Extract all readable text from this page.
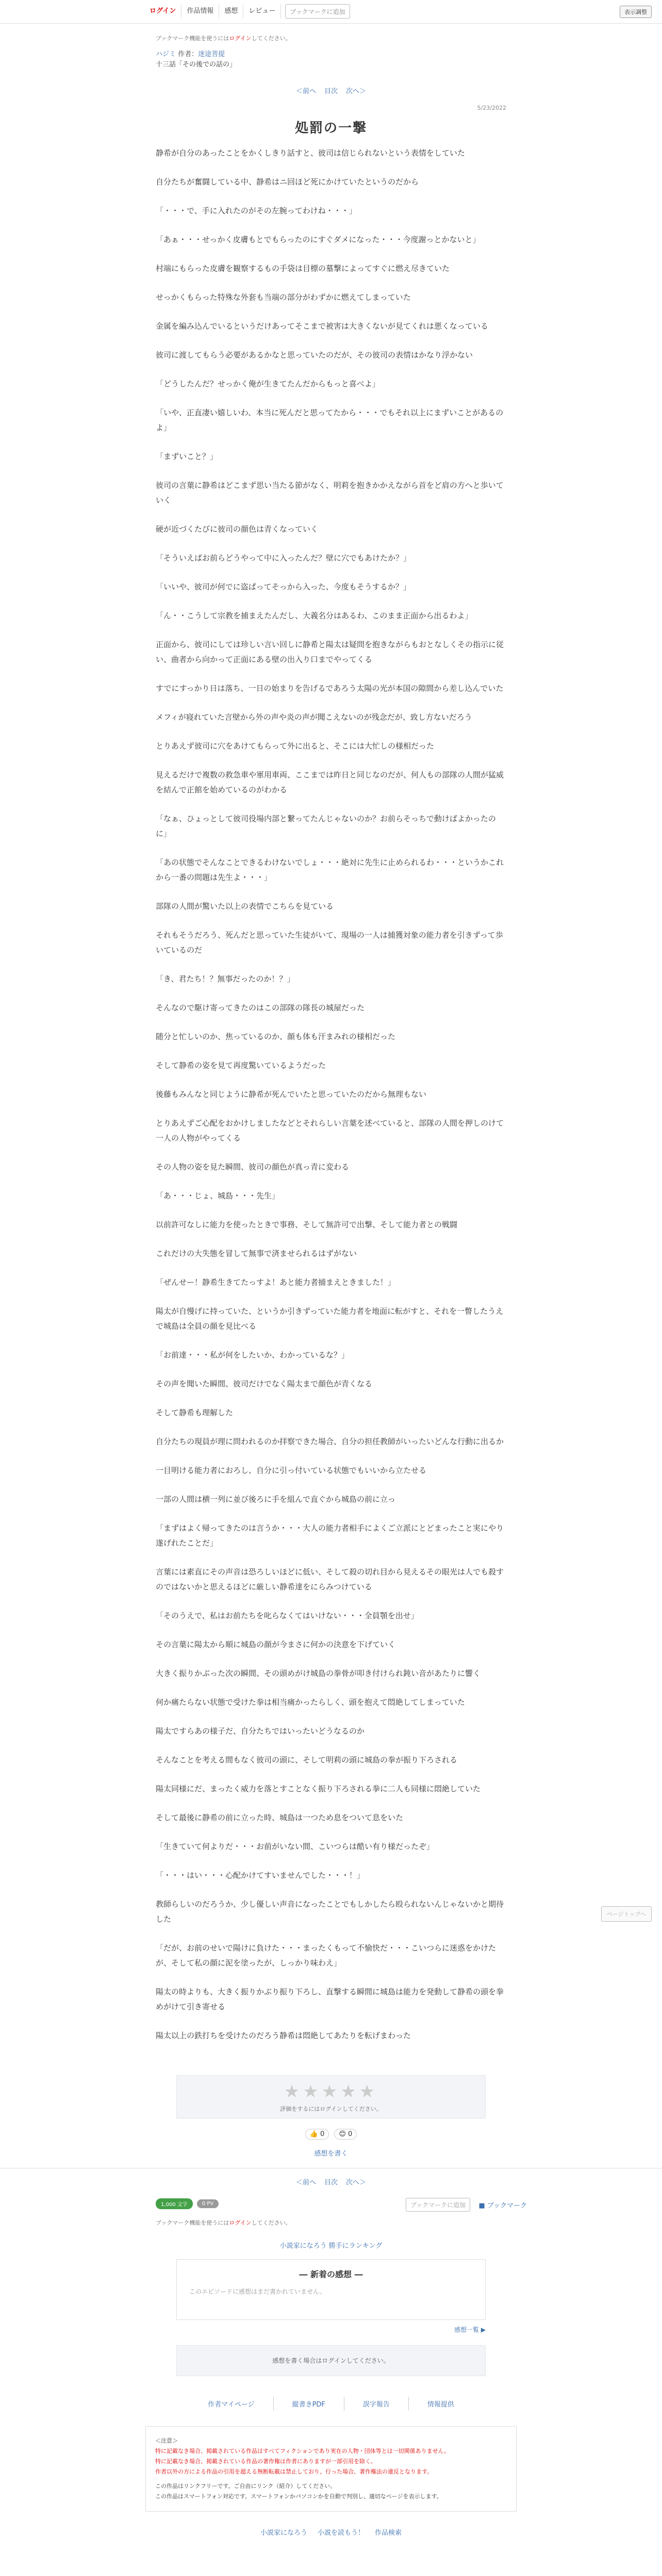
ログイン	作品情報	感想	レビュー	ブックマークに追加	表示調整
ブックマーク機能を使うにはログインしてください。
ハジミ 作者：迷途菩提
十三話「その後での話の」
＜前へ 目次 次へ＞
5/23/2022
処罰の一撃

静希が自分のあったことをかくしきり話すと、彼司は信じられないという表情をしていた

自分たちが奮闘している中、静希はニ回ほど死にかけていたというのだから

「・・・で、手に入れたのがその左腕ってわけね・・・」

「あぁ・・・せっかく皮膚もとでもらったのにすぐダメになった・・・今度謝っとかないと」

村端にもらった皮膚を観察するもの手袋は目標の墓撃によってすぐに燃え尽きていた

せっかくもらった特殊な外套も当端の部分がわずかに燃えてしまっていた

金属を編み込んでいるというだけあってそこまで被害は大きくないが見てくれは悪くなっている

彼司に渡してもらう必要があるかなと思っていたのだが、その彼司の表情はかなり浮かない

「どうしたんだ？せっかく俺が生きてたんだからもっと喜べよ」

「いや、正直凄い嬉しいわ、本当に死んだと思ってたから・・・でもそれ以上にまずいことがあるのよ」

「まずいこと？」

彼司の言葉に静希はどこまず思い当たる節がなく、明莉を抱きかかえながら首をど肩の方へと歩いていく

硬が近づくたびに彼司の顔色は青くなっていく

「そういえばお前らどうやって中に入ったんだ？壁に穴でもあけたか？」

「いいや、彼司が何でに盗ぱってそっから入った、今度もそうするか？」

「ん・・こうして宗教を捕まえたんだし、大義名分はあるわ、このまま正面から出るわよ」

正面から、彼司にしては珍しい言い回しに静希と陽太は疑問を抱きながらもおとなしくその指示に従い、曲者から向かって正面にある壁の出入り口までやってくる

すでにすっかり日は落ち、一日の始まりを告げるであろう太陽の光が本国の隙間から差し込んでいた

メフィが寝れていた言壁から外の声や炎の声が聞こえないのが残念だが、致し方ないだろう

とりあえず彼司に穴をあけてもらって外に出ると、そこには大忙しの様相だった

見えるだけで複数の救急車や軍用車両、ここまでは昨日と同じなのだが、何人もの部隊の人間が猛威を結んで正館を始めているのがわかる

「なぁ、ひょっとして彼司役場内部と繋ってたんじゃないのか？お前らそっちで動けばよかったのに」

「あの状態でそんなことできるわけないでしょ・・・絶対に先生に止められるわ・・・というかこれから一番の問題は先生よ・・・」

部隊の人間が驚いた以上の表情でこちらを見ている

それもそうだろう、死んだと思っていた生徒がいて、現場の一人は捕獲対象の能力者を引きずって歩いているのだ

「き、君たち！？無事だったのか！？」

そんなので駆け寄ってきたのはこの部隊の隊長の城屋だった

随分と忙しいのか、焦っているのか、顔も体も汗まみれの様相だった

そして静希の姿を見て再度驚いているようだった

後藤もみんなと同じように静希が死んでいたと思っていたのだから無理もない

とりあえずご心配をおかけしましたなどとそれらしい言葉を述べていると、部隊の人間を押しのけて一人の人物がやってくる

その人物の姿を見た瞬間、彼司の顔色が真っ青に変わる

「あ・・・じょ、城島・・・先生」

以前許可なしに能力を使ったときで事務、そして無許可で出撃、そして能力者との戦闘

これだけの大失態を冒して無事で済ませられるはずがない

「ぜんせー！静希生きてたっすよ！あと能力者捕まえときました！」

陽太が自慢げに持っていた、というか引きずっていた能力者を地面に転がすと、それを一瞥したうえで城島は全員の顔を見比べる

「お前達・・・私が何をしたいか、わかっているな？」

その声を聞いた瞬間、彼司だけでなく陽太まで顔色が青くなる

そして静希も理解した

自分たちの現員が理に問われるのか拝察できた場合、自分の担任教師がいったいどんな行動に出るか

一目明ける能力者におろし、自分に引っ付いている状態でもいいから立たせる

一部の人間は横一列に並び後ろに手を組んで直ぐから城島の前に立っ

「まずはよく帰ってきたのは言うか・・・大人の能力者相手によくご立派にとどまったこと実にやり遂げれたことだ」

言葉には素直にその声音は恐ろしいほどに低い、そして殺の切れ目から見えるその眼光は人でも殺すのではないかと思えるほどに厳しい静希達をにらみつけている

「そのうえで、私はお前たちを叱らなくてはいけない・・・全員顎を出せ」

その言葉に陽太から順に城島の顔が今まさに何かの決意を下げていく

大きく振りかぶった次の瞬間、その頭めがけ城島の拳骨が叩き付けられ鈍い音があたりに響く

何か痛たらない状態で受けた拳は相当痛かったらしく、頭を抱えて悶絶してしまっていた

陽太ですらあの様子だ、自分たちではいったいどうなるのか

そんなことを考える間もなく彼司の頭に、そして明莉の頭に城島の拳が振り下ろされる

陽太同様にだ、まったく威力を落とすことなく振り下ろされる拳に二人も同様に悶絶していた

そして最後に静希の前に立った時、城島は一つため息をついて息をいた

「生きていて何よりだ・・・お前がいない間、こいつらは酷い有り様だったぞ」

「・・・はい・・・心配かけてすいませんでした・・・！」

教師らしいのだろうか、少し優しい声音になったことでもしかしたら殴られないんじゃないかと期待した

「だが、お前のせいで陽けに負けた・・・まったくもって不愉快だ・・・こいつらに迷惑をかけたが、そして私の顔に泥を塗ったが、しっかり味わえ」

陽太の時よりも、大きく振りかぶり振り下ろし、直撃する瞬間に城島は能力を発動して静希の頭を拳めがけて引き寄せる

陽太以上の鉄打ちを受けたのだろう静希は悶絶してあたりを転げまわった

★★★★★
評価をするにはログインしてください。
👍 0	😊 0
感想を書く
＜前へ 目次 次へ＞
1,000 文字	0 PV	ブックマークに追加	■ ブックマーク
ブックマーク機能を使うにはログインしてください。
小説家になろう 勝手にランキング
― 新着の感想 ―
このエピソードに感想はまだ書かれていません。
感想一覧 ▶
感想を書く場合はログインしてください。
作者マイページ	縦書きPDF	誤字報告	情報提供
＜注意＞
特に記載なき場合、掲載されている作品はすべてフィクションであり実在の人物・団体等とは一切関係ありません。
特に記載なき場合、掲載されている作品の著作権は作者にありますが一部引用を除く。
作者以外の方による作品の引用を超える無断転載は禁止しており、行った場合、著作権法の違反となります。
この作品はリンクフリーです。ご自由にリンク（紹介）してください。
この作品はスマートフォン対応です。スマートフォンかパソコンかを自動で判別し、適切なページを表示します。
小説家になろう 小説を読もう！ 作品検索
ページトップへ
